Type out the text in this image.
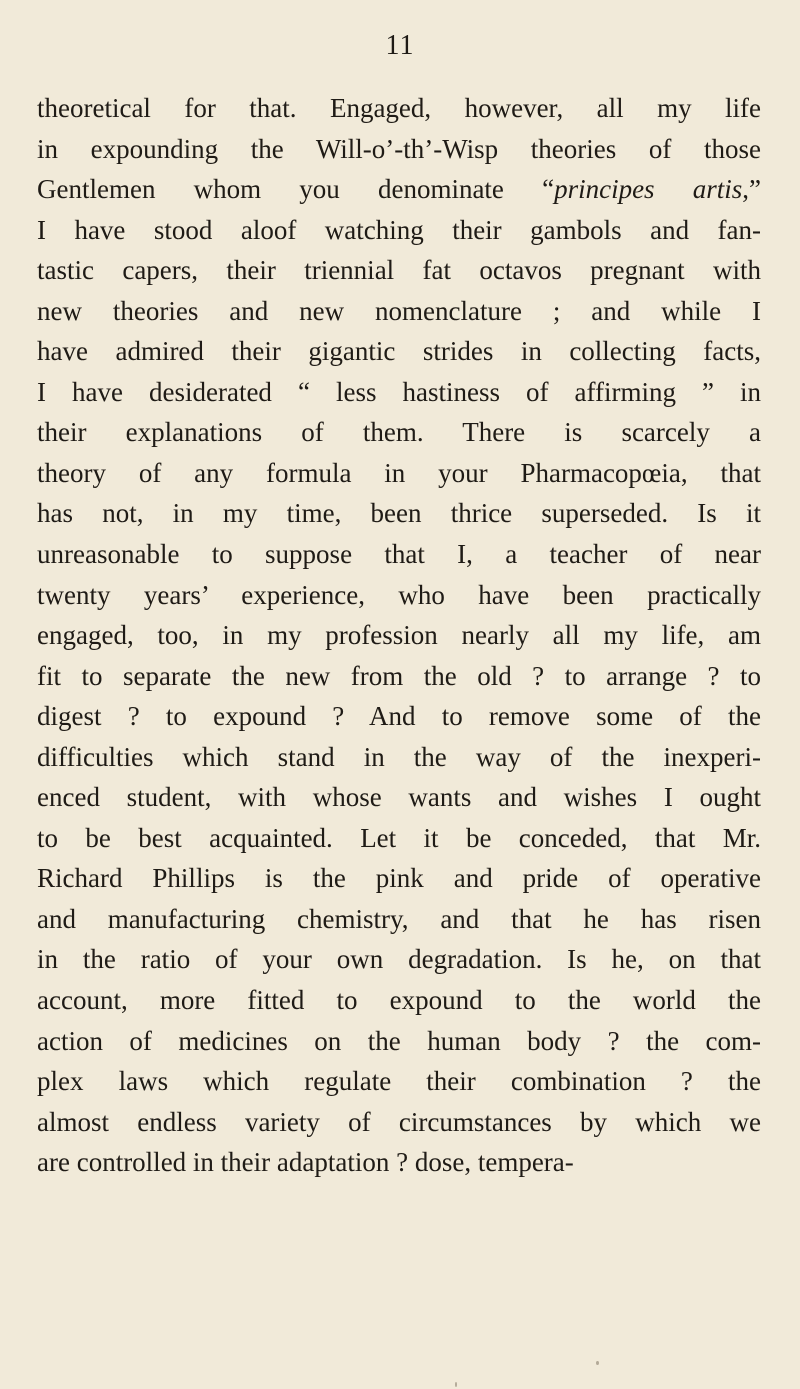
11
theoretical for that. Engaged, however, all my life
in expounding the Will-o’-th’-Wisp theories of those
Gentlemen whom you denominate “principes artis,”
I have stood aloof watching their gambols and fan-
tastic capers, their triennial fat octavos pregnant with
new theories and new nomenclature ; and while I
have admired their gigantic strides in collecting facts,
I have desiderated “ less hastiness of affirming ” in
their explanations of them. There is scarcely a
theory of any formula in your Pharmacopœia, that
has not, in my time, been thrice superseded. Is it
unreasonable to suppose that I, a teacher of near
twenty years’ experience, who have been practically
engaged, too, in my profession nearly all my life, am
fit to separate the new from the old ? to arrange ? to
digest ? to expound ? And to remove some of the
difficulties which stand in the way of the inexperi-
enced student, with whose wants and wishes I ought
to be best acquainted. Let it be conceded, that Mr.
Richard Phillips is the pink and pride of operative
and manufacturing chemistry, and that he has risen
in the ratio of your own degradation. Is he, on that
account, more fitted to expound to the world the
action of medicines on the human body ? the com-
plex laws which regulate their combination ? the
almost endless variety of circumstances by which we
are controlled in their adaptation ? dose, tempera-
